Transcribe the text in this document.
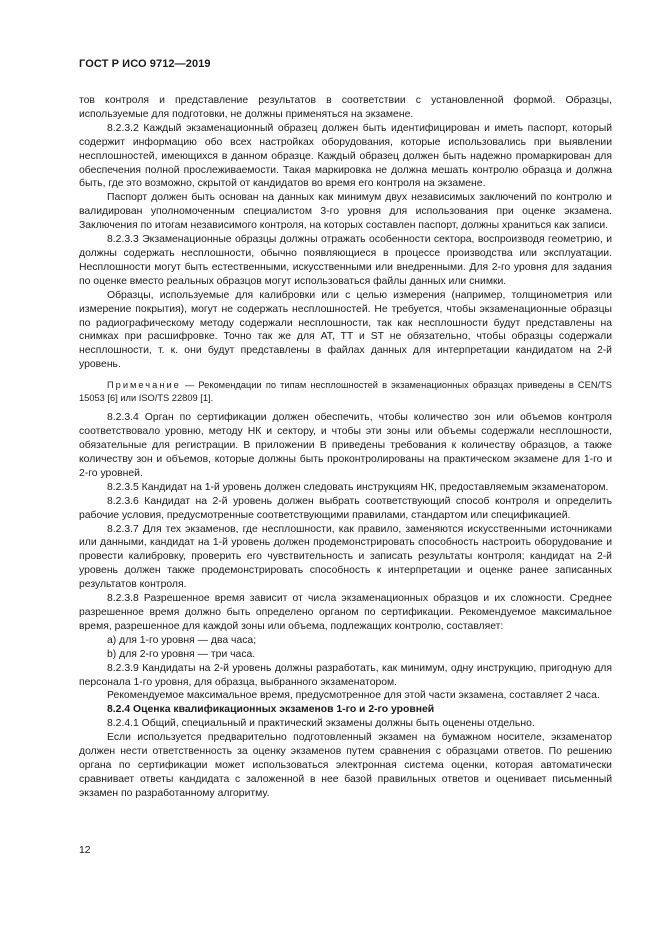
ГОСТ Р ИСО 9712—2019

тов контроля и представление результатов в соответствии с установленной формой. Образцы, используемые для подготовки, не должны применяться на экзамене.

8.2.3.2 Каждый экзаменационный образец должен быть идентифицирован и иметь паспорт, который содержит информацию обо всех настройках оборудования, которые использовались при выявлении несплошностей, имеющихся в данном образце. Каждый образец должен быть надежно промаркирован для обеспечения полной прослеживаемости. Такая маркировка не должна мешать контролю образца и должна быть, где это возможно, скрытой от кандидатов во время его контроля на экзамене.

Паспорт должен быть основан на данных как минимум двух независимых заключений по контролю и валидирован уполномоченным специалистом 3-го уровня для использования при оценке экзамена. Заключения по итогам независимого контроля, на которых составлен паспорт, должны храниться как записи.

8.2.3.3 Экзаменационные образцы должны отражать особенности сектора, воспроизводя геометрию, и должны содержать несплошности, обычно появляющиеся в процессе производства или эксплуатации. Несплошности могут быть естественными, искусственными или внедренными. Для 2-го уровня для задания по оценке вместо реальных образцов могут использоваться файлы данных или снимки.

Образцы, используемые для калибровки или с целью измерения (например, толщинометрия или измерение покрытия), могут не содержать несплошностей. Не требуется, чтобы экзаменационные образцы по радиографическому методу содержали несплошности, так как несплошности будут представлены на снимках при расшифровке. Точно так же для AT, TT и ST не обязательно, чтобы образцы содержали несплошности, т. к. они будут представлены в файлах данных для интерпретации кандидатом на 2-й уровень.

Примечание — Рекомендации по типам несплошностей в экзаменационных образцах приведены в CEN/TS 15053 [6] или ISO/TS 22809 [1].

8.2.3.4 Орган по сертификации должен обеспечить, чтобы количество зон или объемов контроля соответствовало уровню, методу НК и сектору, и чтобы эти зоны или объемы содержали несплошности, обязательные для регистрации. В приложении В приведены требования к количеству образцов, а также количеству зон и объемов, которые должны быть проконтролированы на практическом экзамене для 1-го и 2-го уровней.

8.2.3.5 Кандидат на 1-й уровень должен следовать инструкциям НК, предоставляемым экзаменатором.

8.2.3.6 Кандидат на 2-й уровень должен выбрать соответствующий способ контроля и определить рабочие условия, предусмотренные соответствующими правилами, стандартом или спецификацией.

8.2.3.7 Для тех экзаменов, где несплошности, как правило, заменяются искусственными источниками или данными, кандидат на 1-й уровень должен продемонстрировать способность настроить оборудование и провести калибровку, проверить его чувствительность и записать результаты контроля; кандидат на 2-й уровень должен также продемонстрировать способность к интерпретации и оценке ранее записанных результатов контроля.

8.2.3.8 Разрешенное время зависит от числа экзаменационных образцов и их сложности. Среднее разрешенное время должно быть определено органом по сертификации. Рекомендуемое максимальное время, разрешенное для каждой зоны или объема, подлежащих контролю, составляет:

a) для 1-го уровня — два часа;

b) для 2-го уровня — три часа.

8.2.3.9 Кандидаты на 2-й уровень должны разработать, как минимум, одну инструкцию, пригодную для персонала 1-го уровня, для образца, выбранного экзаменатором.

Рекомендуемое максимальное время, предусмотренное для этой части экзамена, составляет 2 часа.

8.2.4 Оценка квалификационных экзаменов 1-го и 2-го уровней

8.2.4.1 Общий, специальный и практический экзамены должны быть оценены отдельно.

Если используется предварительно подготовленный экзамен на бумажном носителе, экзаменатор должен нести ответственность за оценку экзаменов путем сравнения с образцами ответов. По решению органа по сертификации может использоваться электронная система оценки, которая автоматически сравнивает ответы кандидата с заложенной в нее базой правильных ответов и оценивает письменный экзамен по разработанному алгоритму.

12
